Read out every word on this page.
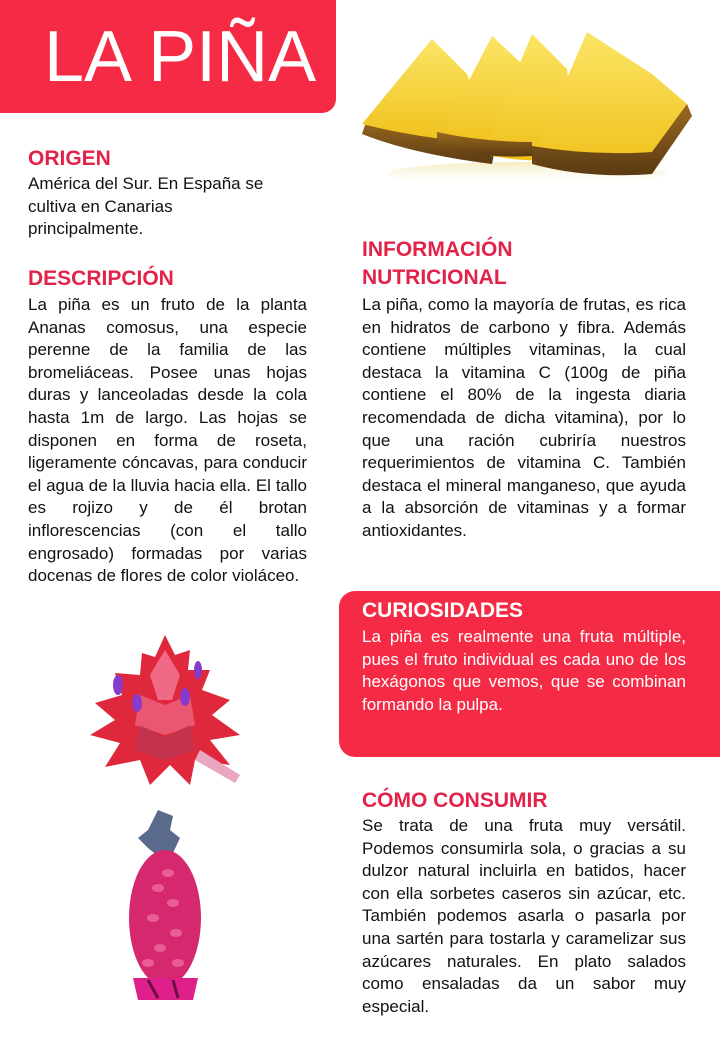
LA PIÑA
ORIGEN
América del Sur. En España se
cultiva en Canarias
principalmente.
DESCRIPCIÓN
La piña es un fruto de la planta Ananas comosus, una especie perenne de la familia de las bromeliáceas. Posee unas hojas duras y lanceoladas desde la cola hasta 1m de largo. Las hojas se disponen en forma de roseta, ligeramente cóncavas, para conducir el agua de la lluvia hacia ella. El tallo es rojizo y de él brotan inflorescencias (con el tallo engrosado) formadas por varias docenas de flores de color violáceo.
INFORMACIÓN
NUTRICIONAL
La piña, como la mayoría de frutas, es rica en hidratos de carbono y fibra. Además contiene múltiples vitaminas, la cual destaca la vitamina C (100g de piña contiene el 80% de la ingesta diaria recomendada de dicha vitamina), por lo que una ración cubriría nuestros requerimientos de vitamina C. También destaca el mineral manganeso, que ayuda a la absorción de vitaminas y a formar antioxidantes.
CURIOSIDADES
La piña es realmente una fruta múltiple, pues el fruto individual es cada uno de los hexágonos que vemos, que se combinan formando la pulpa.
CÓMO CONSUMIR
Se trata de una fruta muy versátil. Podemos consumirla sola, o gracias a su dulzor natural incluirla en batidos, hacer con ella sorbetes caseros sin azúcar, etc. También podemos asarla o pasarla por una sartén para tostarla y caramelizar sus azúcares naturales. En plato salados como ensaladas da un sabor muy especial.
